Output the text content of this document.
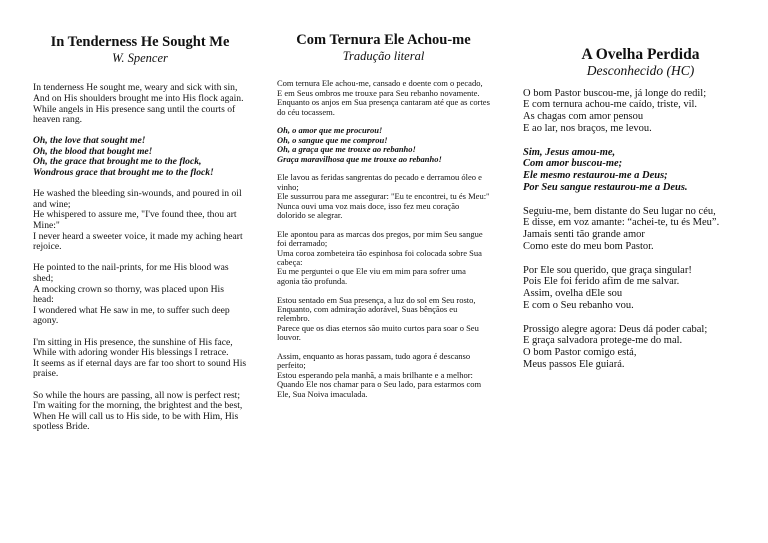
In Tenderness He Sought Me
W. Spencer

In tenderness He sought me, weary and sick with sin,
And on His shoulders brought me into His flock again.
While angels in His presence sang until the courts of heaven rang.

Oh, the love that sought me!
Oh, the blood that bought me!
Oh, the grace that brought me to the flock,
Wondrous grace that brought me to the flock!

He washed the bleeding sin-wounds, and poured in oil and wine;
He whispered to assure me, "I've found thee, thou art Mine:"
I never heard a sweeter voice, it made my aching heart rejoice.

He pointed to the nail-prints, for me His blood was shed;
A mocking crown so thorny, was placed upon His head:
I wondered what He saw in me, to suffer such deep agony.

I'm sitting in His presence, the sunshine of His face,
While with adoring wonder His blessings I retrace.
It seems as if eternal days are far too short to sound His praise.

So while the hours are passing, all now is perfect rest;
I'm waiting for the morning, the brightest and the best,
When He will call us to His side, to be with Him, His spotless Bride.

Com Ternura Ele Achou-me
Tradução literal

Com ternura Ele achou-me, cansado e doente com o pecado,
E em Seus ombros me trouxe para Seu rebanho novamente.
Enquanto os anjos em Sua presença cantaram até que as cortes do céu tocassem.

Oh, o amor que me procurou!
Oh, o sangue que me comprou!
Oh, a graça que me trouxe ao rebanho!
Graça maravilhosa que me trouxe ao rebanho!

Ele lavou as feridas sangrentas do pecado e derramou óleo e vinho;
Ele sussurrou para me assegurar: "Eu te encontrei, tu és Meu:"
Nunca ouvi uma voz mais doce, isso fez meu coração dolorido se alegrar.

Ele apontou para as marcas dos pregos, por mim Seu sangue foi derramado;
Uma coroa zombeteira tão espinhosa foi colocada sobre Sua cabeça:
Eu me perguntei o que Ele viu em mim para sofrer uma agonia tão profunda.

Estou sentado em Sua presença, a luz do sol em Seu rosto,
Enquanto, com admiração adorável, Suas bênçãos eu relembro.
Parece que os dias eternos são muito curtos para soar o Seu louvor.

Assim, enquanto as horas passam, tudo agora é descanso perfeito;
Estou esperando pela manhã, a mais brilhante e a melhor:
Quando Ele nos chamar para o Seu lado, para estarmos com Ele, Sua Noiva imaculada.

A Ovelha Perdida
Desconhecido (HC)

O bom Pastor buscou-me, já longe do redil;
E com ternura achou-me caído, triste, vil.
As chagas com amor pensou
E ao lar, nos braços, me levou.

Sim, Jesus amou-me,
Com amor buscou-me;
Ele mesmo restaurou-me a Deus;
Por Seu sangue restaurou-me a Deus.

Seguiu-me, bem distante do Seu lugar no céu,
E disse, em voz amante: “achei-te, tu és Meu”.
Jamais senti tão grande amor
Como este do meu bom Pastor.

Por Ele sou querido, que graça singular!
Pois Ele foi ferido afim de me salvar.
Assim, ovelha dEle sou
E com o Seu rebanho vou.

Prossigo alegre agora: Deus dá poder cabal;
E graça salvadora protege-me do mal.
O bom Pastor comigo está,
Meus passos Ele guiará.
